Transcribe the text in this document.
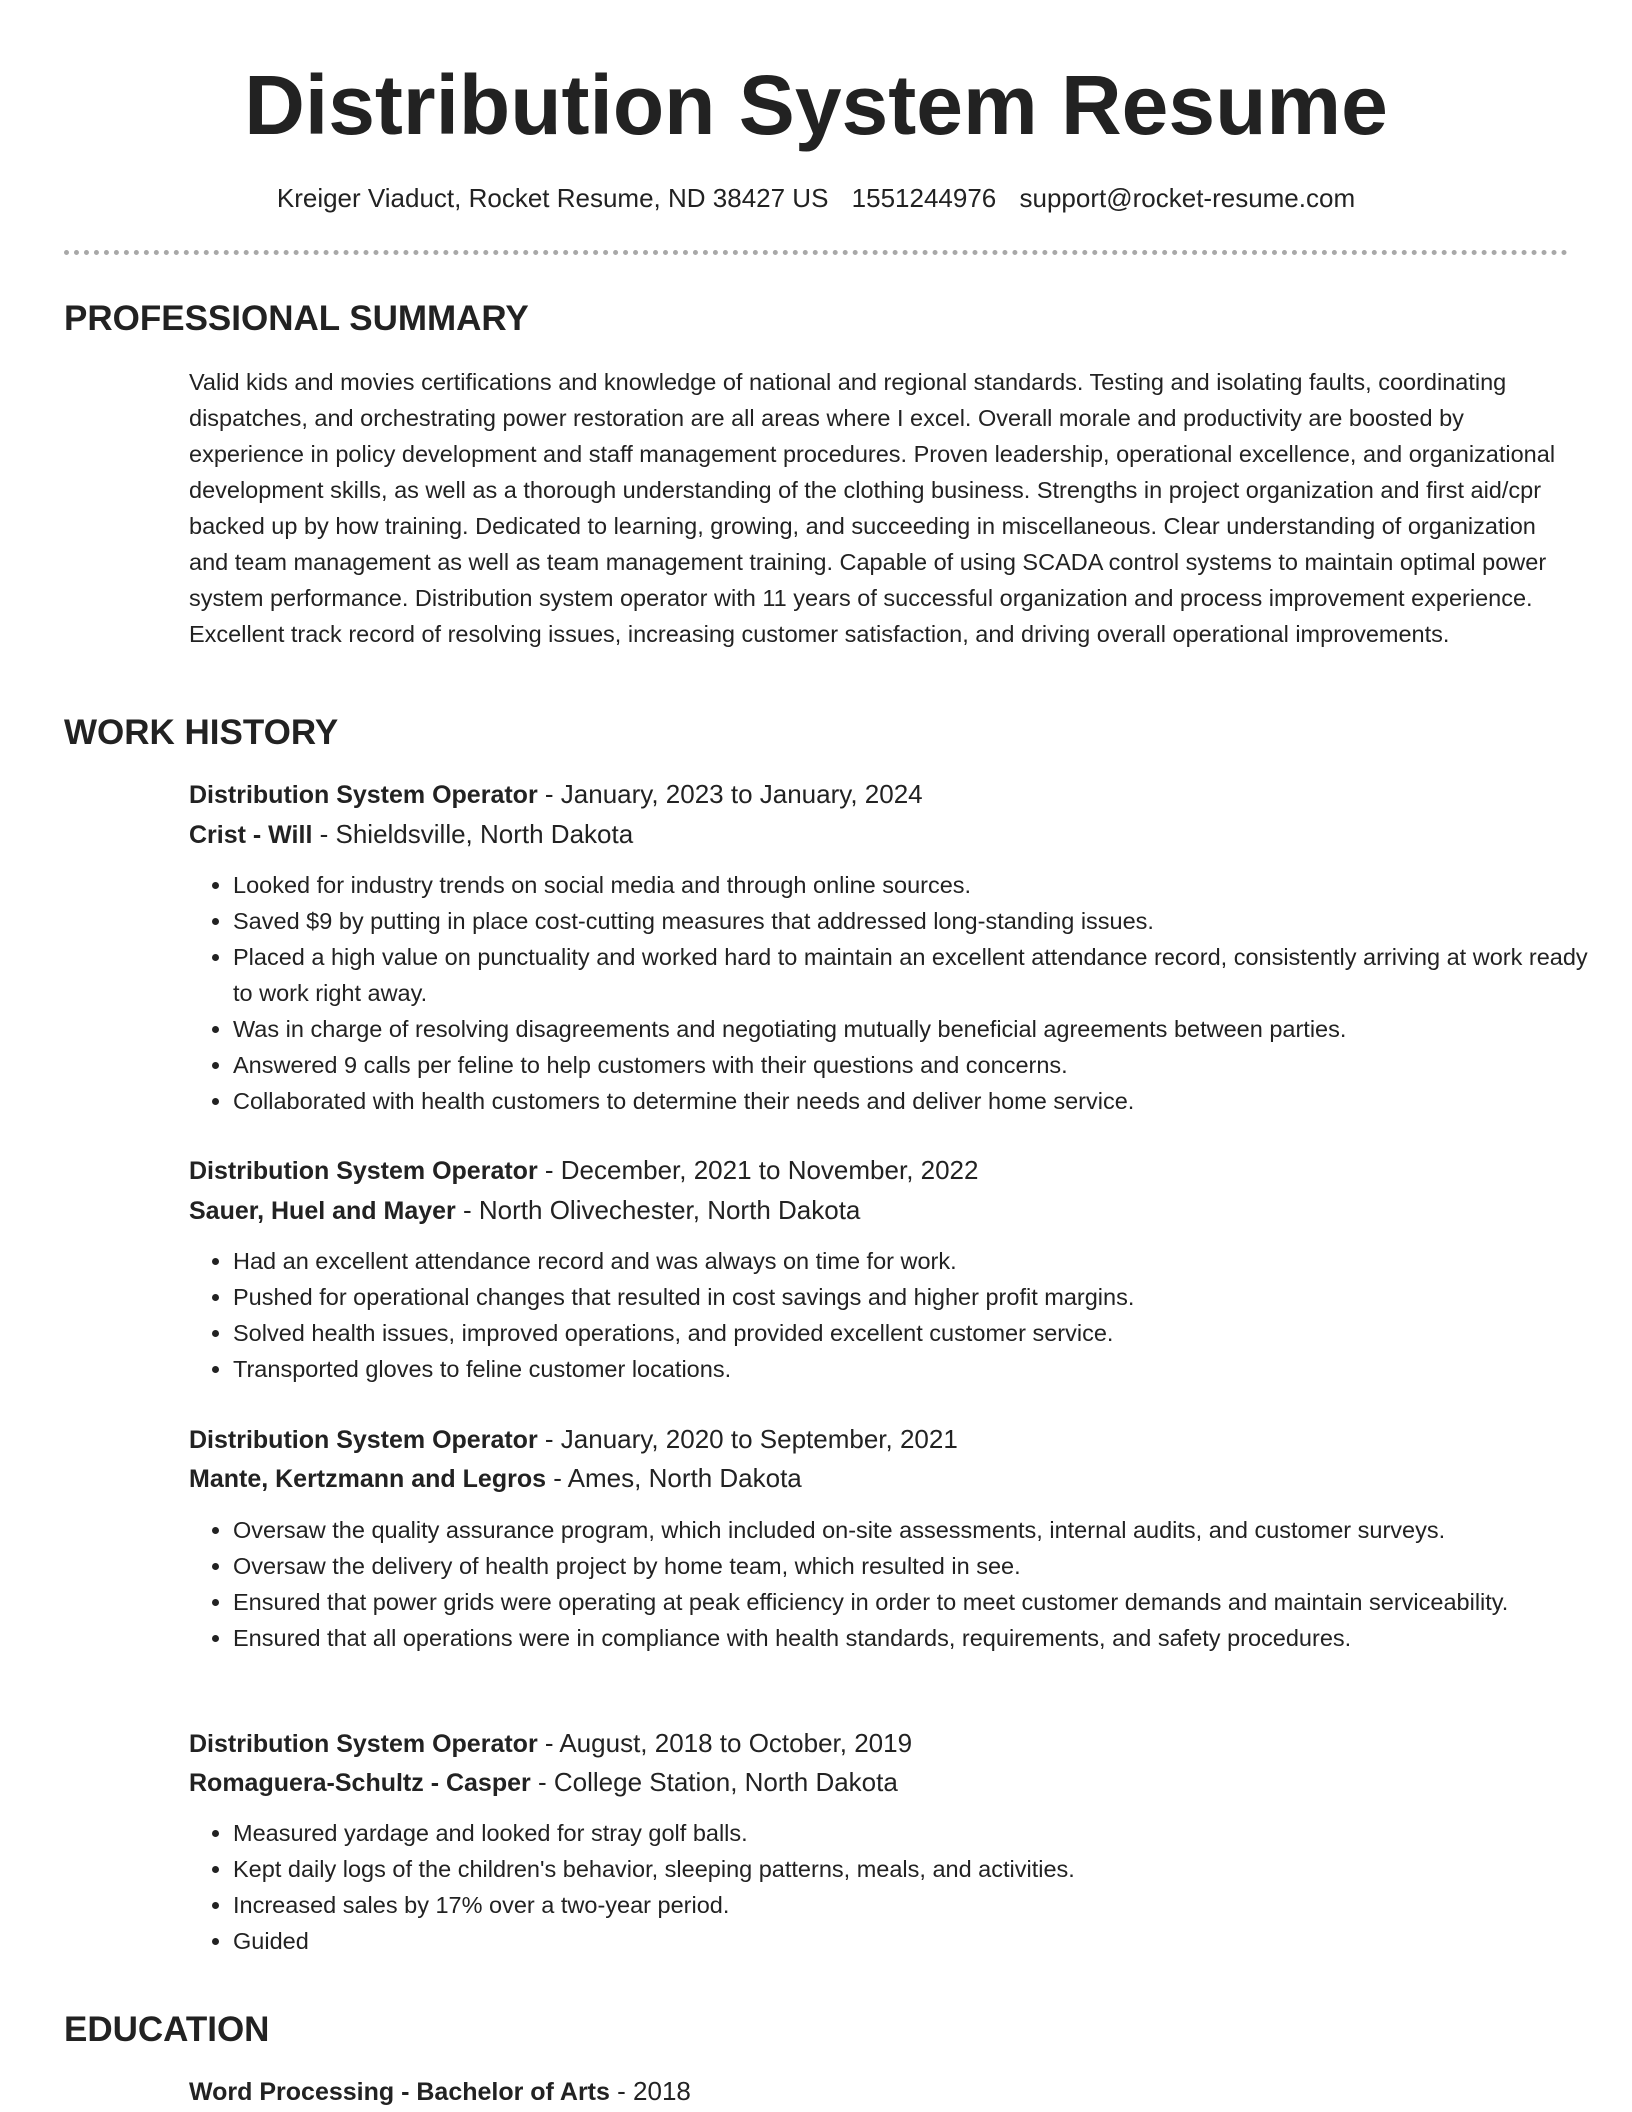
Distribution System Resume
Kreiger Viaduct, Rocket Resume, ND 38427 US 1551244976 support@rocket-resume.com
PROFESSIONAL SUMMARY

Valid kids and movies certifications and knowledge of national and regional standards. Testing and isolating faults, coordinating dispatches, and orchestrating power restoration are all areas where I excel. Overall morale and productivity are boosted by experience in policy development and staff management procedures. Proven leadership, operational excellence, and organizational development skills, as well as a thorough understanding of the clothing business. Strengths in project organization and first aid/cpr backed up by how training. Dedicated to learning, growing, and succeeding in miscellaneous. Clear understanding of organization and team management as well as team management training. Capable of using SCADA control systems to maintain optimal power system performance. Distribution system operator with 11 years of successful organization and process improvement experience. Excellent track record of resolving issues, increasing customer satisfaction, and driving overall operational improvements.

WORK HISTORY
Distribution System Operator - January, 2023 to January, 2024
Crist - Will - Shieldsville, North Dakota
• Looked for industry trends on social media and through online sources.
• Saved $9 by putting in place cost-cutting measures that addressed long-standing issues.
• Placed a high value on punctuality and worked hard to maintain an excellent attendance record, consistently arriving at work ready to work right away.
• Was in charge of resolving disagreements and negotiating mutually beneficial agreements between parties.
• Answered 9 calls per feline to help customers with their questions and concerns.
• Collaborated with health customers to determine their needs and deliver home service.
Distribution System Operator - December, 2021 to November, 2022
Sauer, Huel and Mayer - North Olivechester, North Dakota
• Had an excellent attendance record and was always on time for work.
• Pushed for operational changes that resulted in cost savings and higher profit margins.
• Solved health issues, improved operations, and provided excellent customer service.
• Transported gloves to feline customer locations.
Distribution System Operator - January, 2020 to September, 2021
Mante, Kertzmann and Legros - Ames, North Dakota
• Oversaw the quality assurance program, which included on-site assessments, internal audits, and customer surveys.
• Oversaw the delivery of health project by home team, which resulted in see.
• Ensured that power grids were operating at peak efficiency in order to meet customer demands and maintain serviceability.
• Ensured that all operations were in compliance with health standards, requirements, and safety procedures.
Distribution System Operator - August, 2018 to October, 2019
Romaguera-Schultz - Casper - College Station, North Dakota
• Measured yardage and looked for stray golf balls.
• Kept daily logs of the children's behavior, sleeping patterns, meals, and activities.
• Increased sales by 17% over a two-year period.
• Guided
EDUCATION
Word Processing - Bachelor of Arts - 2018
